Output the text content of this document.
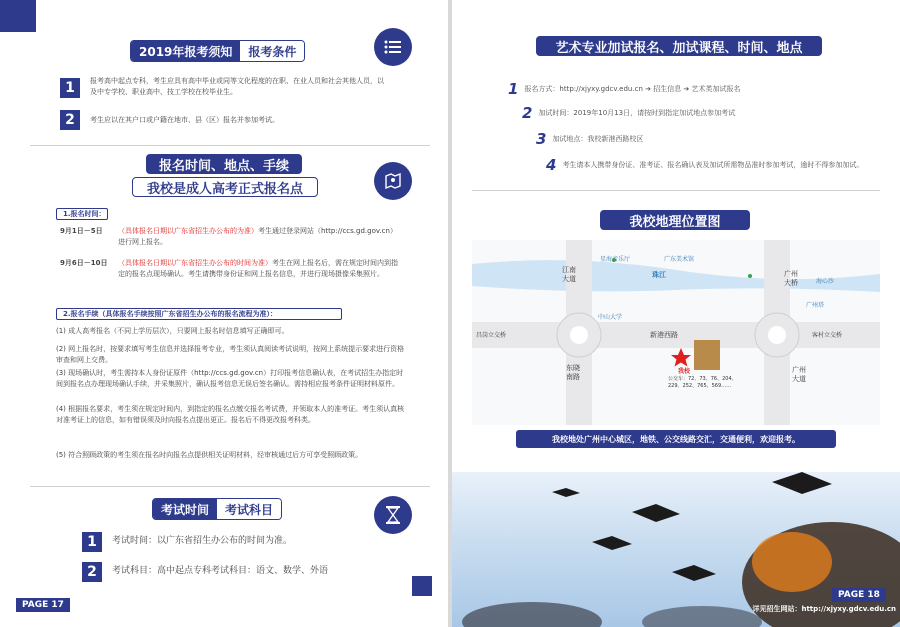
2019年报考须知	报考条件
1	报考高中起点专科，考生应具有高中毕业或同等文化程度的在职、在业人员和社会其他人员，以及中专学校、职业高中、技工学校在校毕业生。
2	考生应以在其户口或户籍在地市、县（区）报名并参加考试。
报名时间、地点、手续
我校是成人高考正式报名点
1.报名时间：
9月1日－5日	（具体报名日期以广东省招生办公布的为准）考生通过登录网站（http://ccs.gd.gov.cn）进行网上报名。
9月6日－10日	（具体报名日期以广东省招生办公布的时间为准）考生在网上报名后，需在规定时间内到指定的报名点现场确认。考生请携带身份证和网上报名信息，并进行现场摄像采集照片。
2.报名手续（具体报名手续按照广东省招生办公布的报名流程为准）：
(1) 成人高考报名（不同上学历层次），只要网上报名时信息填写正确即可。
(2) 网上报名时，按要求填写考生信息并选择报考专业，考生须认真阅读考试说明，按网上系统提示要求进行资格审查和网上交费。
(3) 现场确认时，考生需持本人身份证原件（http://ccs.gd.gov.cn）打印报考信息确认表，在考试招生办指定时间到报名点办理现场确认手续，并采集照片，确认报考信息无误后签名确认。需持相应报考条件证明材料原件。
(4) 根据报名要求，考生须在规定时间内，到指定的报名点缴交报名考试费，并领取本人的准考证。考生须认真核对准考证上的信息，如有错误须及时向报名点提出更正。报名后不得更改报考科类。
(5) 符合照顾政策的考生须在报名时向报名点提供相关证明材料，经审核通过后方可享受照顾政策。
考试时间	考试科目
1	考试时间：以广东省招生办公布的时间为准。
2	考试科目：高中起点专科考试科目：语文、数学、外语
PAGE 17
艺术专业加试报名、加试课程、时间、地点
1 报名方式：http://xjyxy.gdcv.edu.cn ➔ 招生信息 ➔ 艺术类加试报名
2 加试时间：2019年10月13日，请按时到指定加试地点参加考试
3 加试地点：我校新港西路校区
4 考生请本人携带身份证、准考证、报名确认表及加试所需物品准时参加考试，逾时不得参加加试。
我校地理位置图
江南大道	珠江	广州大桥
新港西路
东晓南路
广州大道
星海音乐厅	广东美术馆
中山大学
广州塔
海心沙
昌岗立交桥	客村立交桥
我校
公交车：72、73、76、204、229、252、765、569……
我校地处广州中心城区，地铁、公交线路交汇，交通便利，欢迎报考。
PAGE 18
详见招生网站：http://xjyxy.gdcv.edu.cn
